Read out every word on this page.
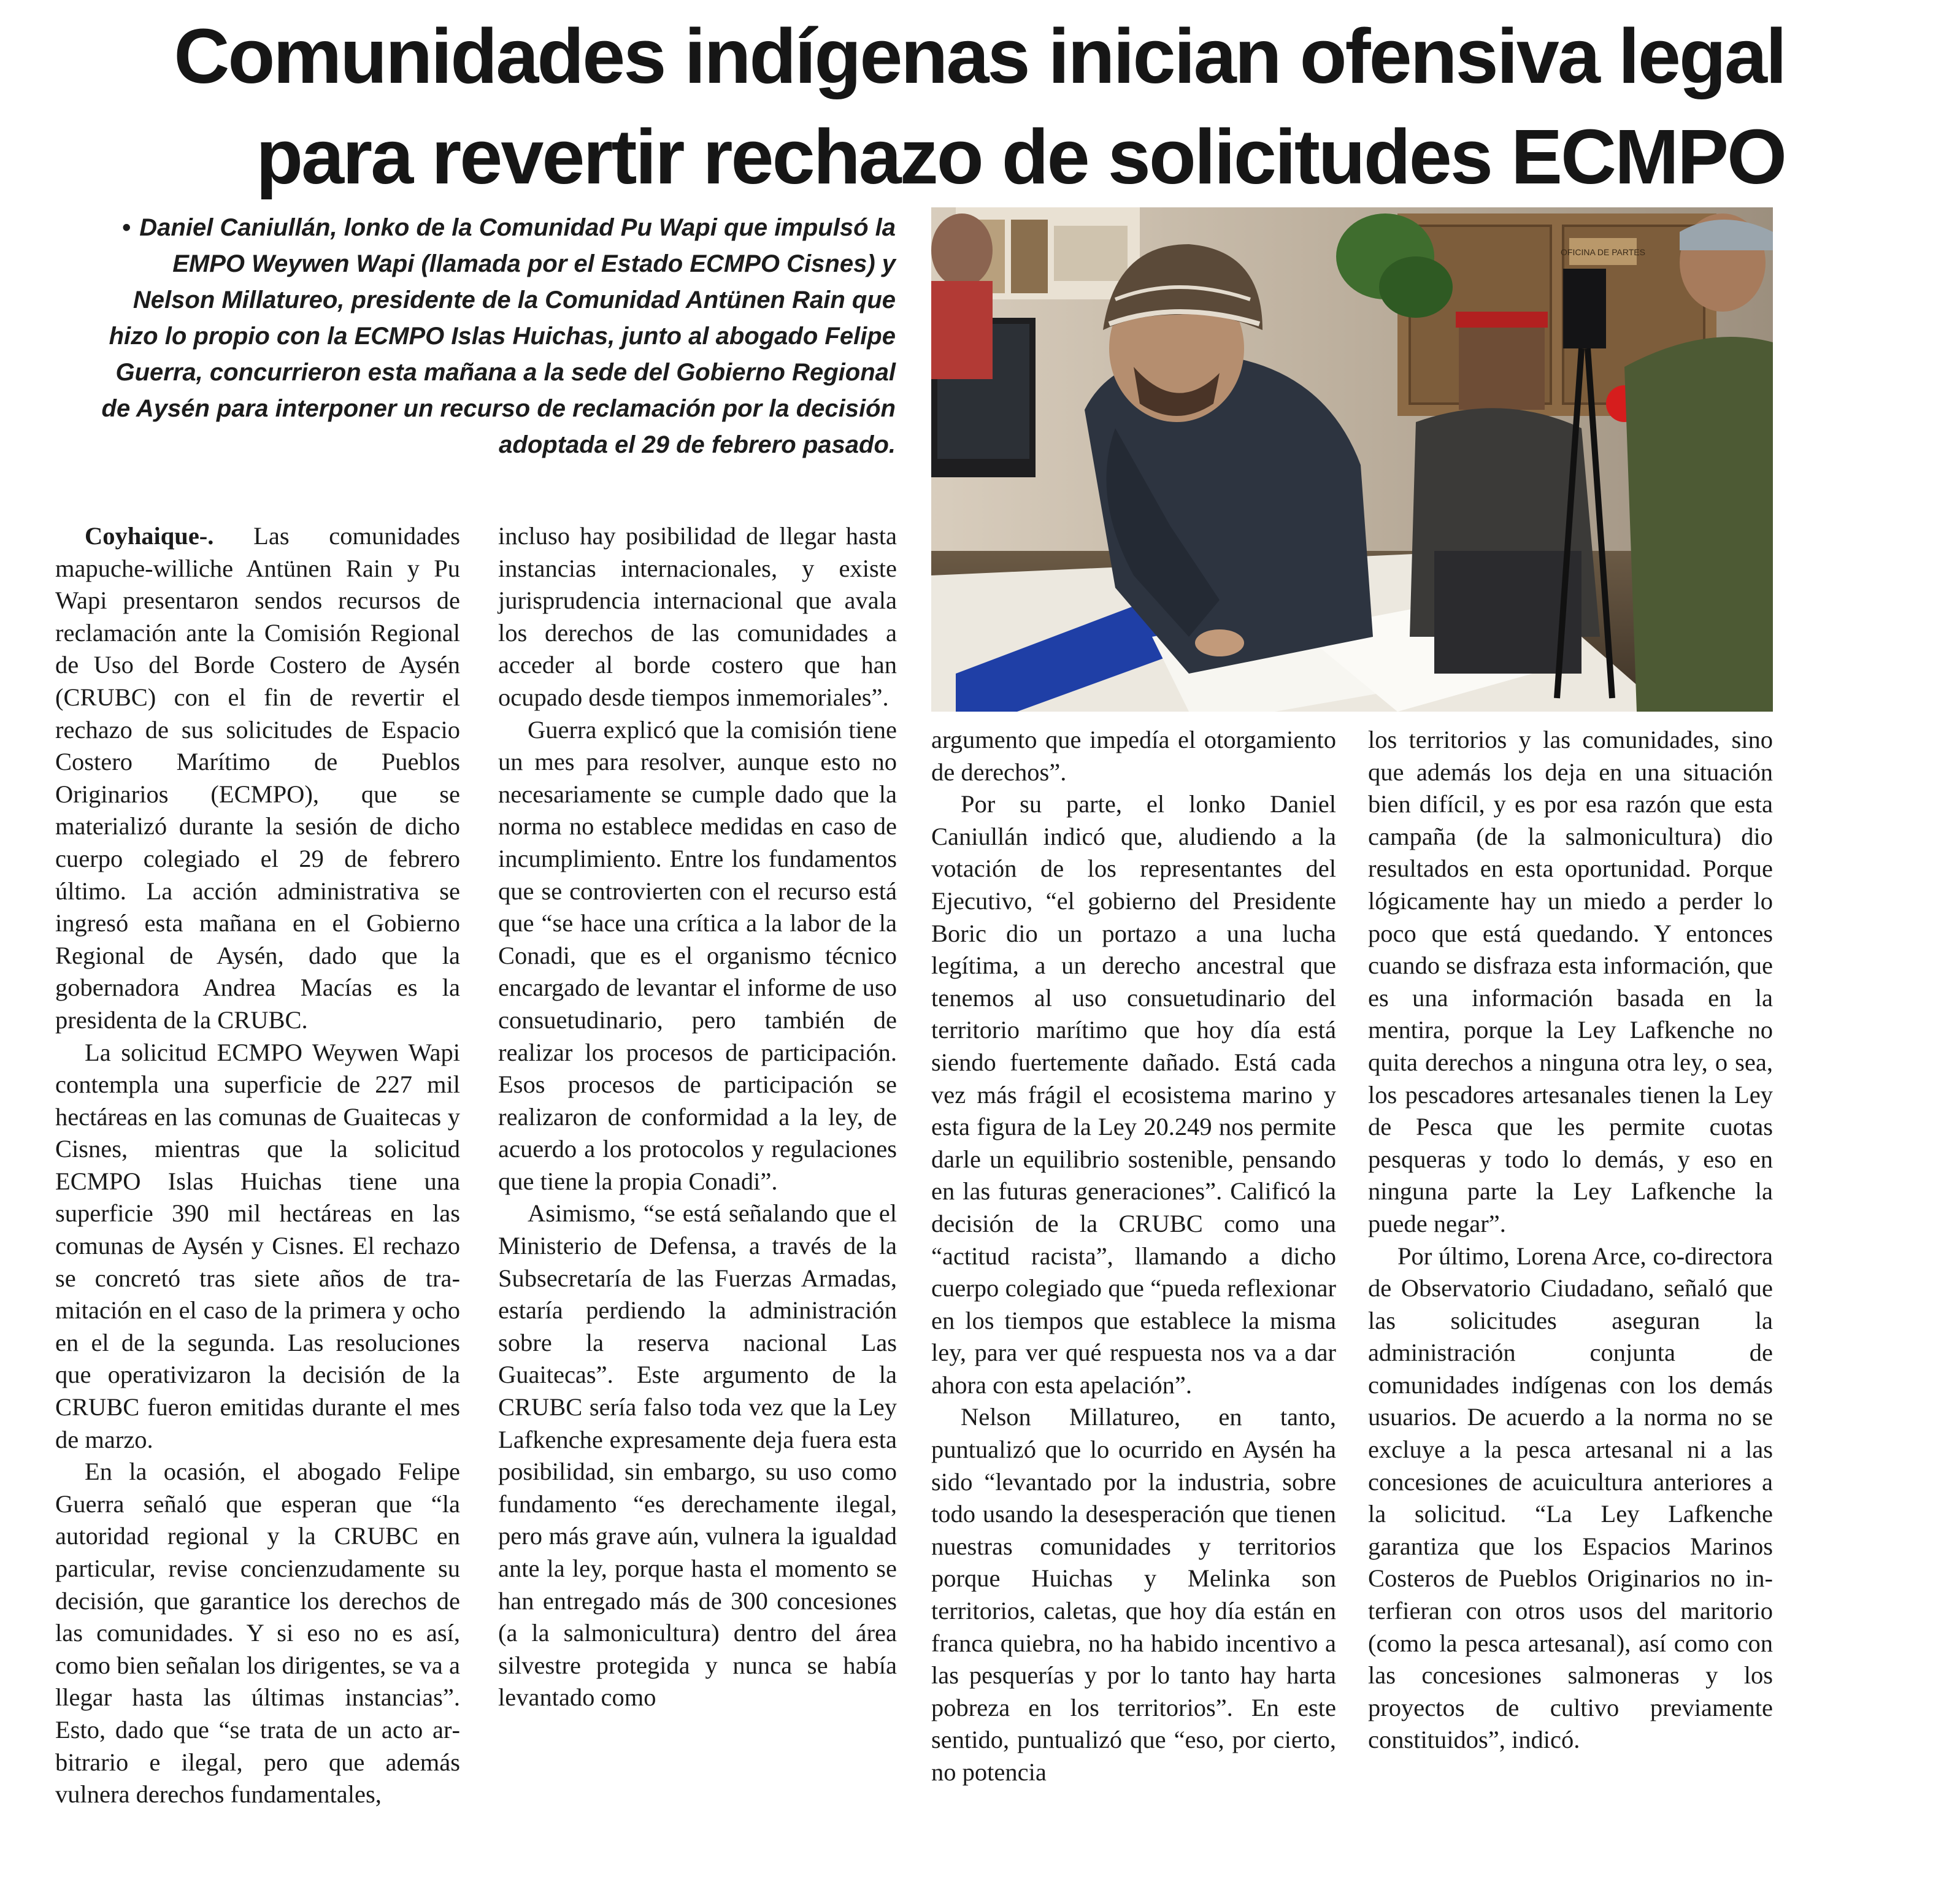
Comunidades indígenas inician ofensiva legal
para revertir rechazo de solicitudes ECMPO

• Daniel Caniullán, lonko de la Comunidad Pu Wapi que impulsó la EMPO Weywen Wapi (llamada por el Estado ECMPO Cisnes) y Nelson Millatureo, presidente de la Comunidad Antünen Rain que hizo lo propio con la ECMPO Islas Huichas, junto al abogado Felipe Guerra, concurrieron esta mañana a la sede del Gobierno Regional de Aysén para interponer un recurso de reclamación por la decisión adoptada el 29 de febrero pasado.

OFICINA DE PARTES

Coyhaique-. Las comunidades mapuche-williche Antünen Rain y Pu Wapi presentaron sendos recursos de reclamación ante la Comisión Regional de Uso del Borde Costero de Aysén (CRUBC) con el fin de revertir el rechazo de sus solicitudes de Espacio Costero Marítimo de Pueblos Originarios (ECMPO), que se materializó durante la sesión de dicho cuerpo colegiado el 29 de febrero último. La acción administrativa se ingresó esta mañana en el Gobierno Regional de Aysén, dado que la gobernadora Andrea Macías es la presidenta de la CRUBC.

La solicitud ECMPO Weywen Wapi contempla una superficie de 227 mil hectáreas en las comunas de Guaitecas y Cisnes, mientras que la solicitud ECMPO Islas Huichas tiene una superficie 390 mil hectáreas en las comunas de Aysén y Cisnes. El rechazo se concretó tras siete años de tramitación en el caso de la primera y ocho en el de la segunda. Las resoluciones que operativizaron la decisión de la CRUBC fueron emitidas durante el mes de marzo.

En la ocasión, el abogado Felipe Guerra señaló que esperan que “la autoridad regional y la CRUBC en particular, revise concienzudamente su decisión, que garantice los derechos de las comunidades. Y si eso no es así, como bien señalan los dirigentes, se va a llegar hasta las últimas instancias”. Esto, dado que “se trata de un acto arbitrario e ilegal, pero que además vulnera derechos fundamentales,

incluso hay posibilidad de llegar hasta instancias internacionales, y existe jurisprudencia internacional que avala los derechos de las comunidades a acceder al borde costero que han ocupado desde tiempos inmemoriales”.

Guerra explicó que la comisión tiene un mes para resolver, aunque esto no necesariamente se cumple dado que la norma no establece medidas en caso de incumplimiento. Entre los fundamentos que se controvierten con el recurso está que “se hace una crítica a la labor de la Conadi, que es el organismo técnico encargado de levantar el informe de uso consuetudinario, pero también de realizar los procesos de participación. Esos procesos de participación se realizaron de conformidad a la ley, de acuerdo a los protocolos y regulaciones que tiene la propia Conadi”.

Asimismo, “se está señalando que el Ministerio de Defensa, a través de la Subsecretaría de las Fuerzas Armadas, estaría perdiendo la administración sobre la reserva nacional Las Guaitecas”. Este argumento de la CRUBC sería falso toda vez que la Ley Lafkenche expresamente deja fuera esta posibilidad, sin embargo, su uso como fundamento “es derechamente ilegal, pero más grave aún, vulnera la igualdad ante la ley, porque hasta el momento se han entregado más de 300 concesiones (a la salmonicultura) dentro del área silvestre protegida y nunca se había levantado como

argumento que impedía el otorgamiento de derechos”.

Por su parte, el lonko Daniel Caniullán indicó que, aludiendo a la votación de los representantes del Ejecutivo, “el gobierno del Presidente Boric dio un portazo a una lucha legítima, a un derecho ancestral que tenemos al uso consuetudinario del territorio marítimo que hoy día está siendo fuertemente dañado. Está cada vez más frágil el ecosistema marino y esta figura de la Ley 20.249 nos permite darle un equilibrio sostenible, pensando en las futuras generaciones”. Calificó la decisión de la CRUBC como una “actitud racista”, llamando a dicho cuerpo colegiado que “pueda reflexionar en los tiempos que establece la misma ley, para ver qué respuesta nos va a dar ahora con esta apelación”.

Nelson Millatureo, en tanto, puntualizó que lo ocurrido en Aysén ha sido “levantado por la industria, sobre todo usando la desesperación que tienen nuestras comunidades y territorios porque Huichas y Melinka son territorios, caletas, que hoy día están en franca quiebra, no ha habido incentivo a las pesquerías y por lo tanto hay harta pobreza en los territorios”. En este sentido, puntualizó que “eso, por cierto, no potencia

los territorios y las comunidades, sino que además los deja en una situación bien difícil, y es por esa razón que esta campaña (de la salmonicultura) dio resultados en esta oportunidad. Porque lógicamente hay un miedo a perder lo poco que está quedando. Y entonces cuando se disfraza esta información, que es una información basada en la mentira, porque la Ley Lafkenche no quita derechos a ninguna otra ley, o sea, los pescadores artesanales tienen la Ley de Pesca que les permite cuotas pesqueras y todo lo demás, y eso en ninguna parte la Ley Lafkenche la puede negar”.

Por último, Lorena Arce, co-directora de Observatorio Ciudadano, señaló que las solicitudes aseguran la administración conjunta de comunidades indígenas con los demás usuarios. De acuerdo a la norma no se excluye a la pesca artesanal ni a las concesiones de acuicultura anteriores a la solicitud. “La Ley Lafkenche garantiza que los Espacios Marinos Costeros de Pueblos Originarios no interfieran con otros usos del maritorio (como la pesca artesanal), así como con las concesiones salmoneras y los proyectos de cultivo previamente constituidos”, indicó.
